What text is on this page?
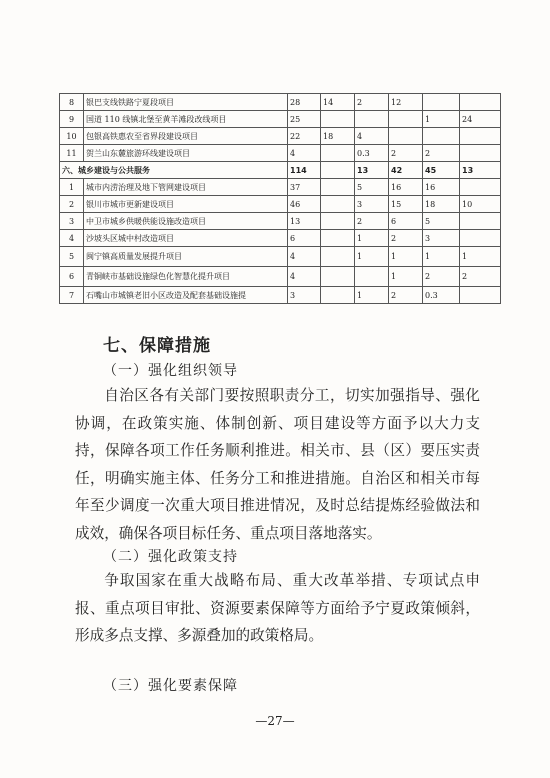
8	银巴支线铁路宁夏段项目	28	14	2	12		
9	国道 110 线镇北堡至黄羊滩段改线项目	25				1	24
10	包银高铁惠农至省界段建设项目	22	18	4			
11	贺兰山东麓旅游环线建设项目	4		0.3	2	2	
六、城乡建设与公共服务		114		13	42	45	13
1	城市内涝治理及地下管网建设项目	37		5	16	16	
2	银川市城市更新建设项目	46		3	15	18	10
3	中卫市城乡供暖供能设施改造项目	13		2	6	5	
4	沙坡头区城中村改造项目	6		1	2	3	
5	闽宁镇高质量发展提升项目	4		1	1	1	1
6	青铜峡市基础设施绿色化智慧化提升项目	4			1	2	2
7	石嘴山市城镇老旧小区改造及配套基础设施提	3		1	2	0.3	
七、保障措施
（一）强化组织领导

自治区各有关部门要按照职责分工，切实加强指导、强化协调，在政策实施、体制创新、项目建设等方面予以大力支持，保障各项工作任务顺利推进。相关市、县（区）要压实责任，明确实施主体、任务分工和推进措施。自治区和相关市每年至少调度一次重大项目推进情况，及时总结提炼经验做法和成效，确保各项目标任务、重点项目落地落实。

（二）强化政策支持

争取国家在重大战略布局、重大改革举措、专项试点申报、重点项目审批、资源要素保障等方面给予宁夏政策倾斜，形成多点支撑、多源叠加的政策格局。

（三）强化要素保障
—27—
